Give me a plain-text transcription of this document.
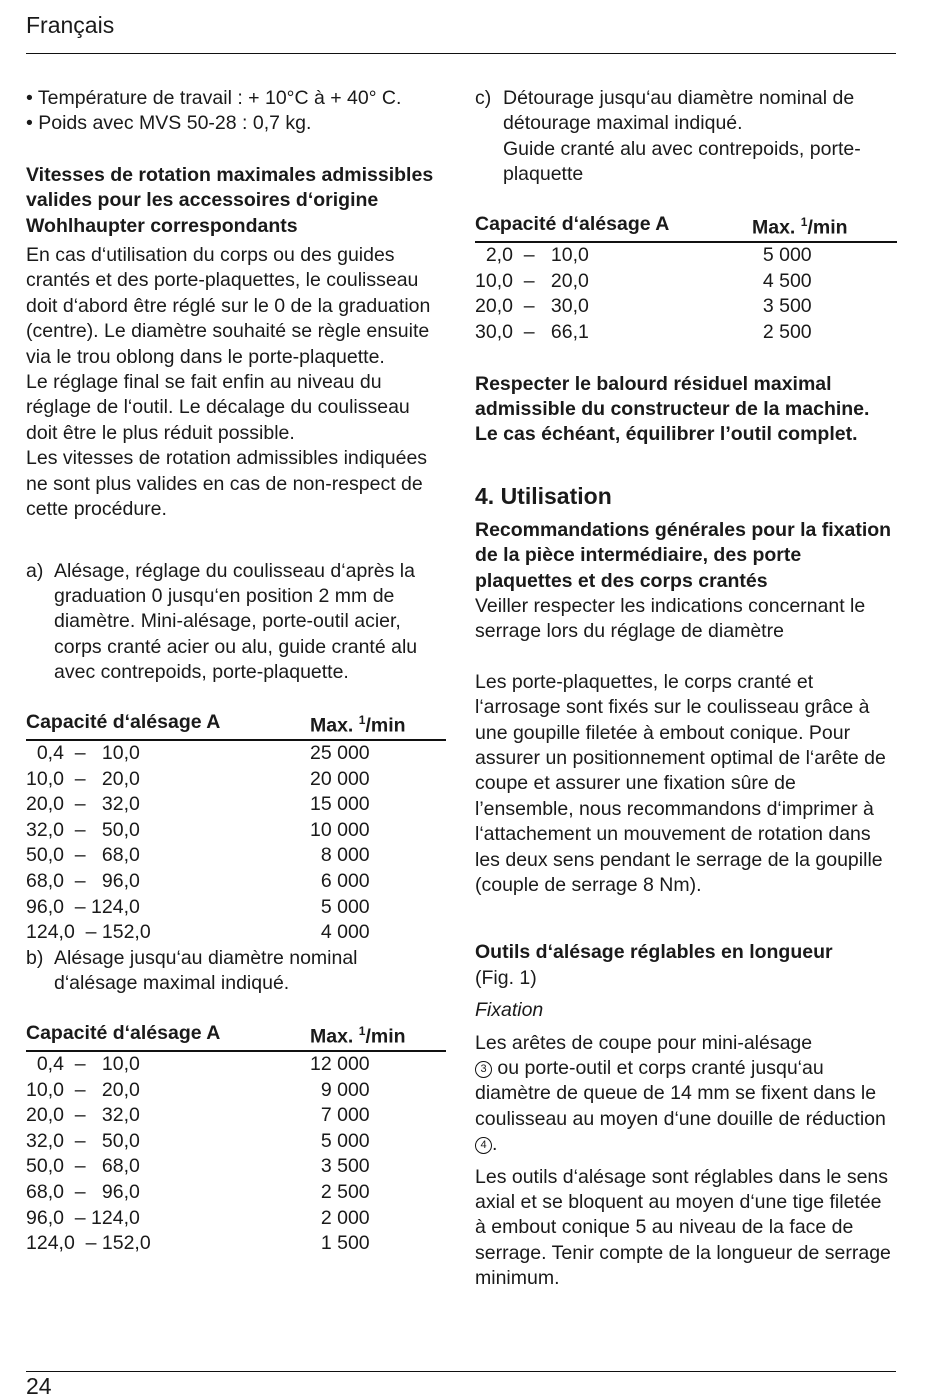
Français

• Température de travail : + 10°C à + 40° C.

• Poids avec MVS 50-28 : 0,7 kg.

Vitesses de rotation maximales admissibles valides pour les accessoires d‘origine Wohlhaupter correspondants

En cas d‘utilisation du corps ou des guides crantés et des porte-plaquettes, le coulisseau doit d‘abord être réglé sur le 0 de la graduation (centre). Le diamètre souhaité se règle ensuite via le trou oblong dans le porte-plaquette.

Le réglage final se fait enfin au niveau du réglage de l‘outil. Le décalage du coulisseau doit être le plus réduit possible.

Les vitesses de rotation admissibles indiquées ne sont plus valides en cas de non-respect de cette procédure.

a) Alésage, réglage du coulisseau d‘après la graduation 0 jusqu‘en position 2 mm de diamètre. Mini-alésage, porte-outil acier, corps cranté acier ou alu, guide cranté alu avec contrepoids, porte-plaquette.
Capacité d‘alésage A	Max. $^1$/min
0,4  –   10,0	25 000
10,0  –   20,0	20 000
20,0  –   32,0	15 000
32,0  –   50,0	10 000
50,0  –   68,0	8 000
68,0  –   96,0	6 000
96,0  – 124,0	5 000
124,0  – 152,0	4 000
b) Alésage jusqu‘au diamètre nominal d‘alésage maximal indiqué.
Capacité d‘alésage A	Max. $^1$/min
0,4  –   10,0	12 000
10,0  –   20,0	9 000
20,0  –   32,0	7 000
32,0  –   50,0	5 000
50,0  –   68,0	3 500
68,0  –   96,0	2 500
96,0  – 124,0	2 000
124,0  – 152,0	1 500
c) Détourage jusqu‘au diamètre nominal de détourage maximal indiqué.
Guide cranté alu avec contrepoids, porte-plaquette
Capacité d‘alésage A	Max. $^1$/min
2,0  –   10,0	5 000
10,0  –   20,0	4 500
20,0  –   30,0	3 500
30,0  –   66,1	2 500

Respecter le balourd résiduel maximal admissible du constructeur de la machine. Le cas échéant, équilibrer l’outil complet.

4. Utilisation

Recommandations générales pour la fixation de la pièce intermédiaire, des porte plaquettes et des corps crantés

Veiller respecter les indications concernant le serrage lors du réglage de diamètre

Les porte-plaquettes, le corps cranté et l‘arrosage sont fixés sur le coulisseau grâce à une goupille filetée à embout conique. Pour assurer un positionnement optimal de l‘arête de coupe et assurer une fixation sûre de l’ensemble, nous recommandons d‘imprimer à l‘attachement un mouvement de rotation dans les deux sens pendant le serrage de la goupille (couple de serrage 8 Nm).

Outils d‘alésage réglables en longueur

(Fig. 1)

Fixation

Les arêtes de coupe pour mini-alésage
3 ou porte-outil et corps cranté jusqu‘au diamètre de queue de 14 mm se fixent dans le coulisseau au moyen d‘une douille de réduction 4 .

Les outils d‘alésage sont réglables dans le sens axial et se bloquent au moyen d‘une tige filetée à embout conique 5 au niveau de la face de serrage. Tenir compte de la longueur de serrage minimum.

24
